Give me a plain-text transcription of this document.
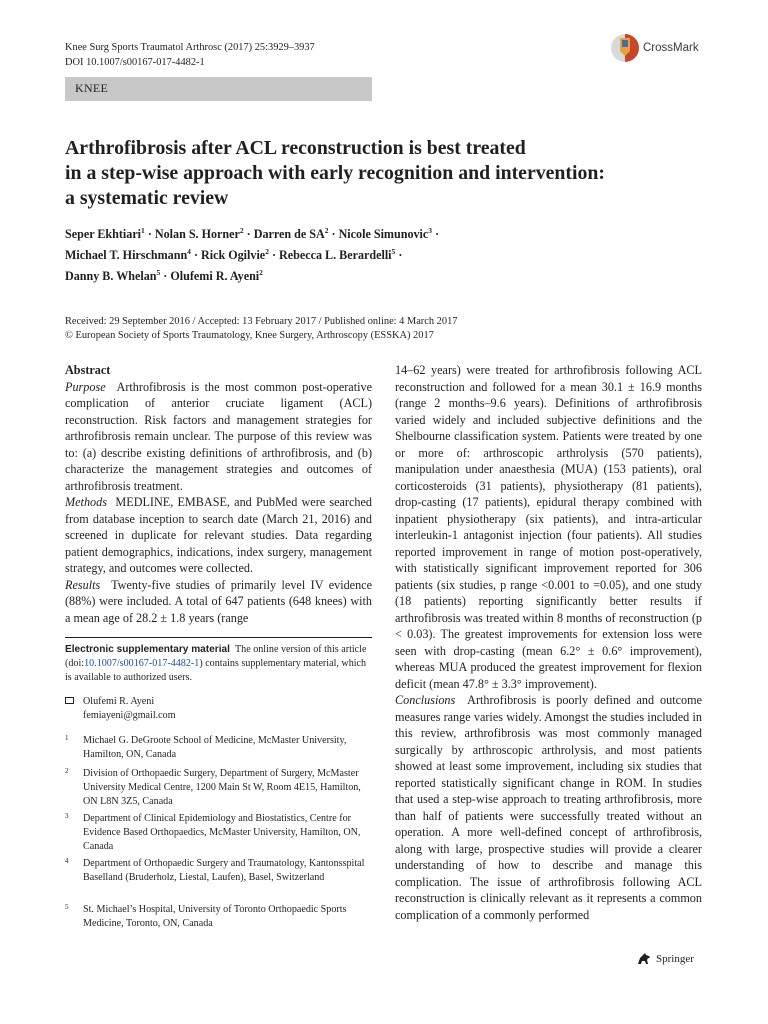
Knee Surg Sports Traumatol Arthrosc (2017) 25:3929–3937
DOI 10.1007/s00167-017-4482-1
CrossMark
KNEE
Arthrofibrosis after ACL reconstruction is best treated
in a step-wise approach with early recognition and intervention:
a systematic review
Seper Ekhtiari$^1$ · Nolan S. Horner$^2$ · Darren de $SA^2$ · Nicole Simunovic$^3$ ·
Michael T. Hirschmann$^4$ · Rick Ogilvie$^2$ · Rebecca L. Berardelli$^5$ ·
Danny B. Whelan$^5$ · Olufemi R. Ayeni$^2$
Received: 29 September 2016 / Accepted: 13 February 2017 / Published online: 4 March 2017
© European Society of Sports Traumatology, Knee Surgery, Arthroscopy (ESSKA) 2017
Abstract
Purpose Arthrofibrosis is the most common post-operative complication of anterior cruciate ligament (ACL) reconstruction. Risk factors and management strategies for arthrofibrosis remain unclear. The purpose of this review was to: (a) describe existing definitions of arthrofibrosis, and (b) characterize the management strategies and outcomes of arthrofibrosis treatment.
Methods MEDLINE, EMBASE, and PubMed were searched from database inception to search date (March 21, 2016) and screened in duplicate for relevant studies. Data regarding patient demographics, indications, index surgery, management strategy, and outcomes were collected.
Results Twenty-five studies of primarily level IV evidence (88%) were included. A total of 647 patients (648 knees) with a mean age of 28.2 ± 1.8 years (range
Electronic supplementary material The online version of this article (doi:10.1007/s00167-017-4482-1) contains supplementary material, which is available to authorized users.
Olufemi R. Ayeni
femiayeni@gmail.com
1 Michael G. DeGroote School of Medicine, McMaster University, Hamilton, ON, Canada
2 Division of Orthopaedic Surgery, Department of Surgery, McMaster University Medical Centre, 1200 Main St W, Room 4E15, Hamilton, ON L8N 3Z5, Canada
3 Department of Clinical Epidemiology and Biostatistics, Centre for Evidence Based Orthopaedics, McMaster University, Hamilton, ON, Canada
4 Department of Orthopaedic Surgery and Traumatology, Kantonsspital Baselland (Bruderholz, Liestal, Laufen), Basel, Switzerland
5 St. Michael’s Hospital, University of Toronto Orthopaedic Sports Medicine, Toronto, ON, Canada
14–62 years) were treated for arthrofibrosis following ACL reconstruction and followed for a mean 30.1 ± 16.9 months (range 2 months–9.6 years). Definitions of arthrofibrosis varied widely and included subjective definitions and the Shelbourne classification system. Patients were treated by one or more of: arthroscopic arthrolysis (570 patients), manipulation under anaesthesia (MUA) (153 patients), oral corticosteroids (31 patients), physiotherapy (81 patients), drop-casting (17 patients), epidural therapy combined with inpatient physiotherapy (six patients), and intra-articular interleukin-1 antagonist injection (four patients). All studies reported improvement in range of motion post-operatively, with statistically significant improvement reported for 306 patients (six studies, p range <0.001 to =0.05), and one study (18 patients) reporting significantly better results if arthrofibrosis was treated within 8 months of reconstruction (p < 0.03). The greatest improvements for extension loss were seen with drop-casting (mean 6.2° ± 0.6° improvement), whereas MUA produced the greatest improvement for flexion deficit (mean 47.8° ± 3.3° improvement).
Conclusions Arthrofibrosis is poorly defined and outcome measures range varies widely. Amongst the studies included in this review, arthrofibrosis was most commonly managed surgically by arthroscopic arthrolysis, and most patients showed at least some improvement, including six studies that reported statistically significant change in ROM. In studies that used a step-wise approach to treating arthrofibrosis, more than half of patients were successfully treated without an operation. A more well-defined concept of arthrofibrosis, along with large, prospective studies will provide a clearer understanding of how to describe and manage this complication. The issue of arthrofibrosis following ACL reconstruction is clinically relevant as it represents a common complication of a commonly performed
Springer
